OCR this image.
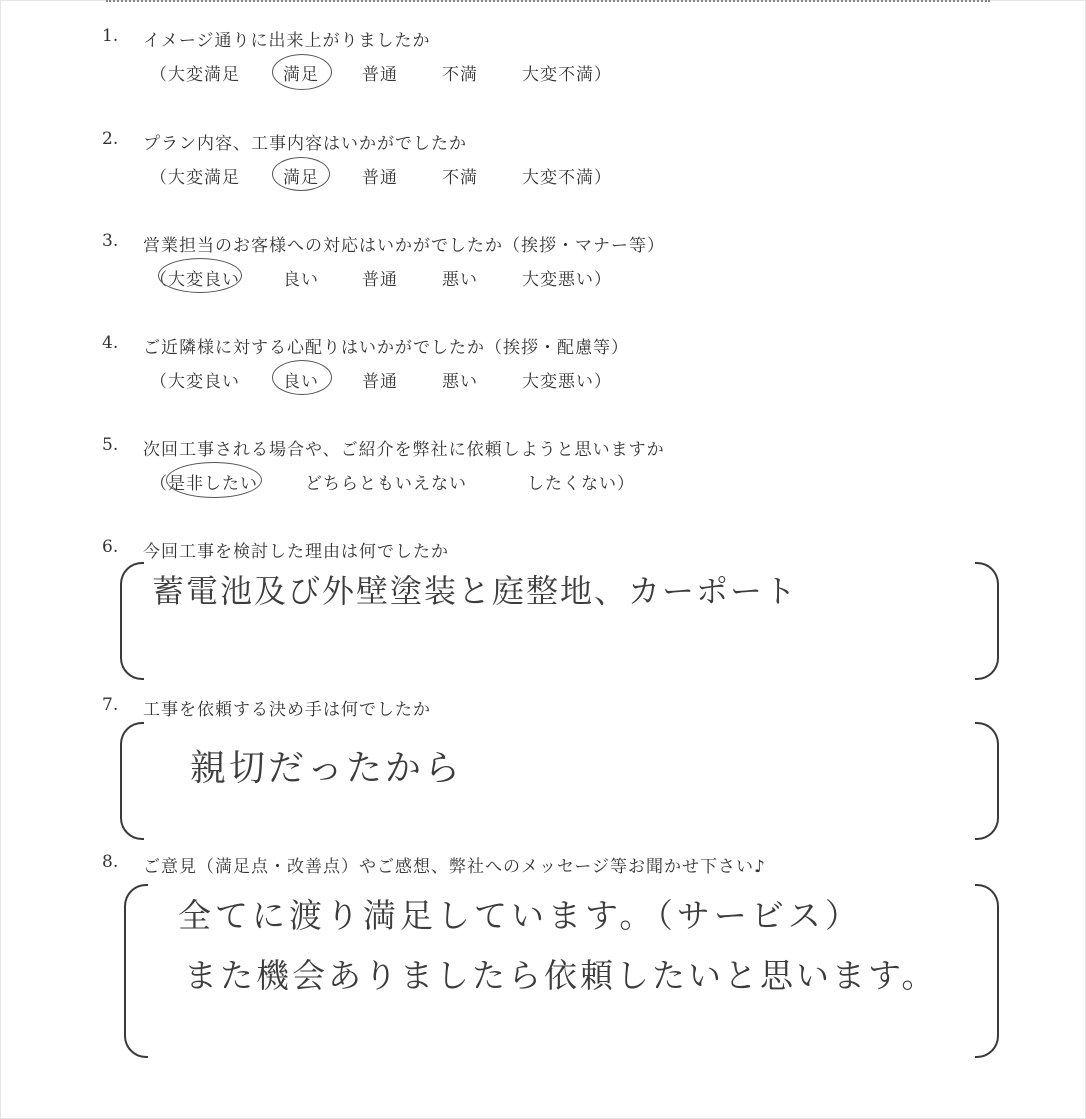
1. イメージ通りに出来上がりましたか
（大変満足	満足	普通	不満	大変不満）
2. プラン内容、工事内容はいかがでしたか
（大変満足	満足	普通	不満	大変不満）
3. 営業担当のお客様への対応はいかがでしたか（挨拶・マナー等）
（大変良い	良い	普通	悪い	大変悪い）
4. ご近隣様に対する心配りはいかがでしたか（挨拶・配慮等）
（大変良い	良い	普通	悪い	大変悪い）
5. 次回工事される場合や、ご紹介を弊社に依頼しようと思いますか
（是非したい	どちらともいえない	したくない）
6. 今回工事を検討した理由は何でしたか
蓄電池及び外壁塗装と庭整地、カーポート
7. 工事を依頼する決め手は何でしたか
親切だったから
8. ご意見（満足点・改善点）やご感想、弊社へのメッセージ等お聞かせ下さい♪
全てに渡り満足しています。（サービス）
また機会ありましたら依頼したいと思います。
